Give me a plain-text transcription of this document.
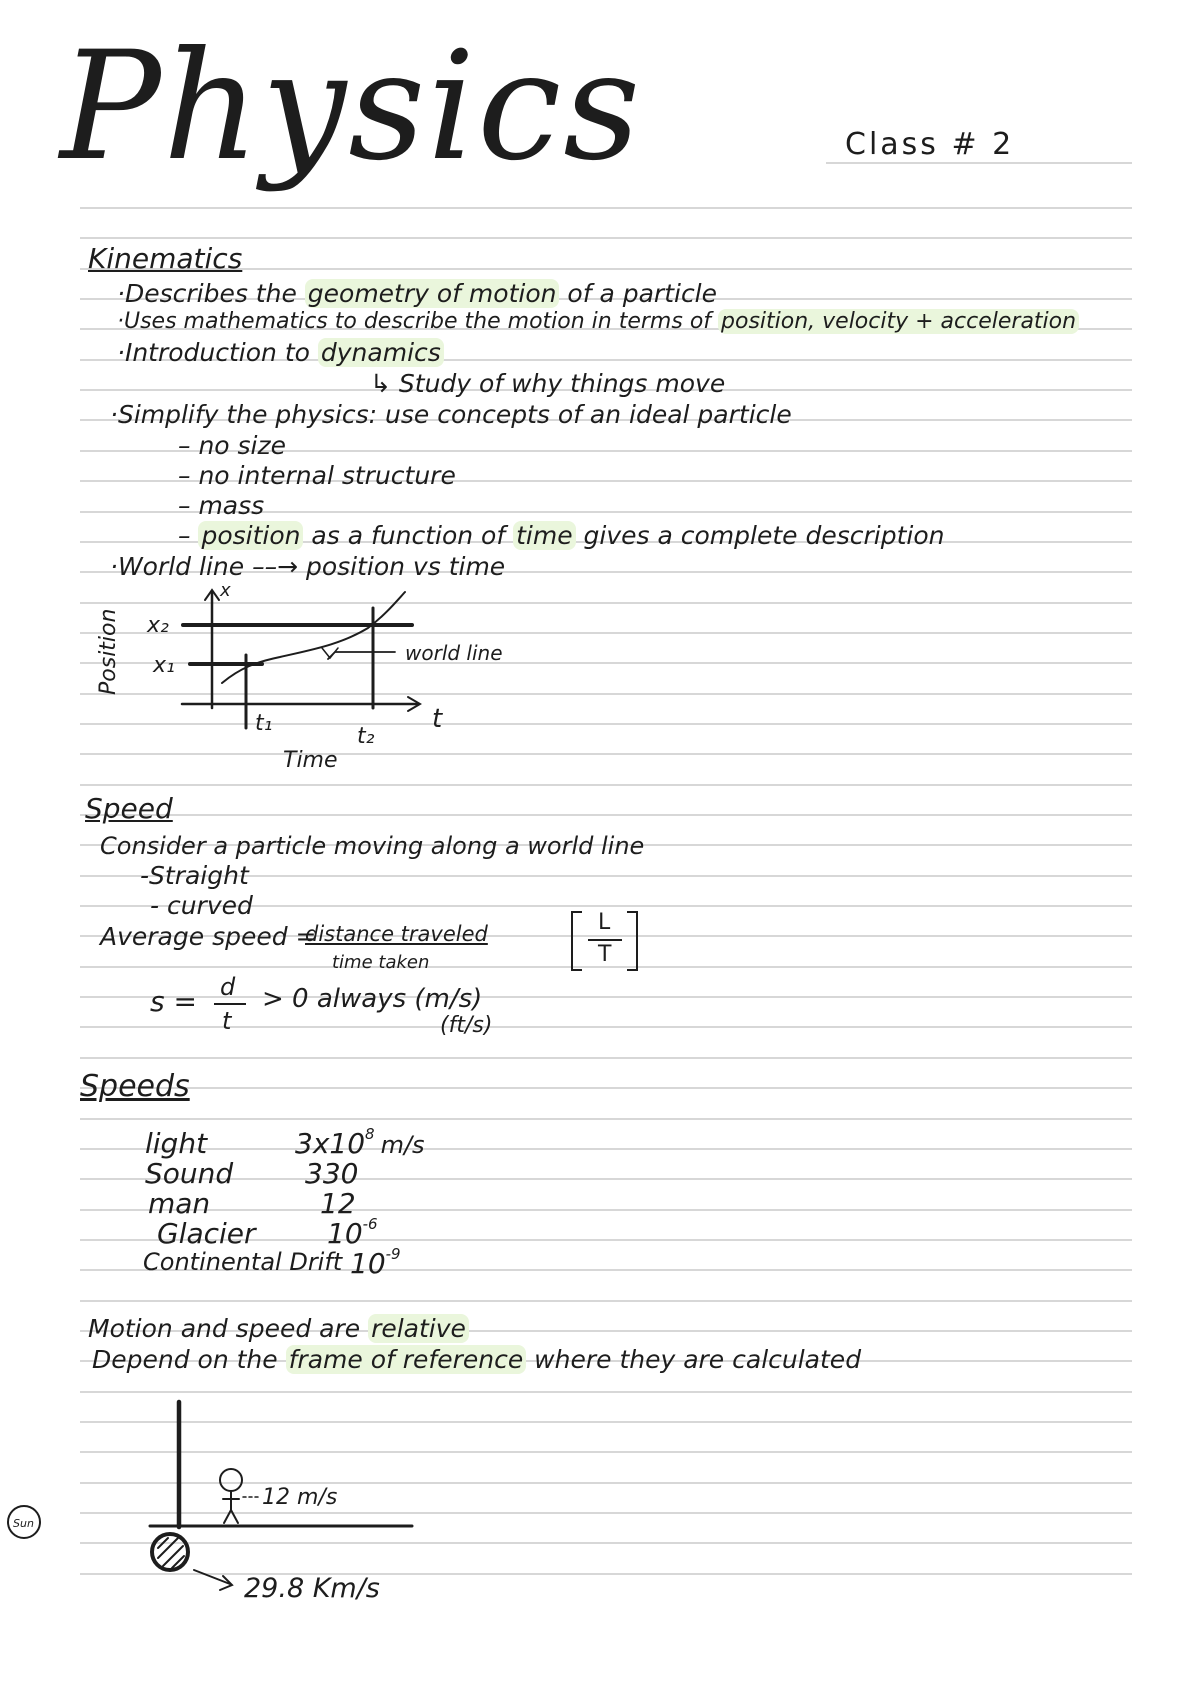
Physics	Class # 2
Kinematics
·Describes the geometry of motion of a particle
·Uses mathematics to describe the motion in terms of position, velocity + acceleration
·Introduction to dynamics
↳ Study of why things move
·Simplify the physics: use concepts of an ideal particle
– no size
– no internal structure
– mass
– position as a function of time gives a complete description
·World line ––→ position vs time
Speed
Consider a particle moving along a world line
-Straight
- curved
Average speed =
distance traveled
time taken
L
T
s = d
t
> 0 always (m/s)
(ft/s)
Speeds
light	$3x10^8$ m/s
Sound	330
man	12
Glacier	$10^{-6}$
Continental Drift $10^{-9}$
Motion and speed are relative
Depend on the frame of reference where they are calculated
Position
x
x₂
x₁
t₁
t₂
t
Time
world line
12 m/s
29.8 Km/s
Sun
